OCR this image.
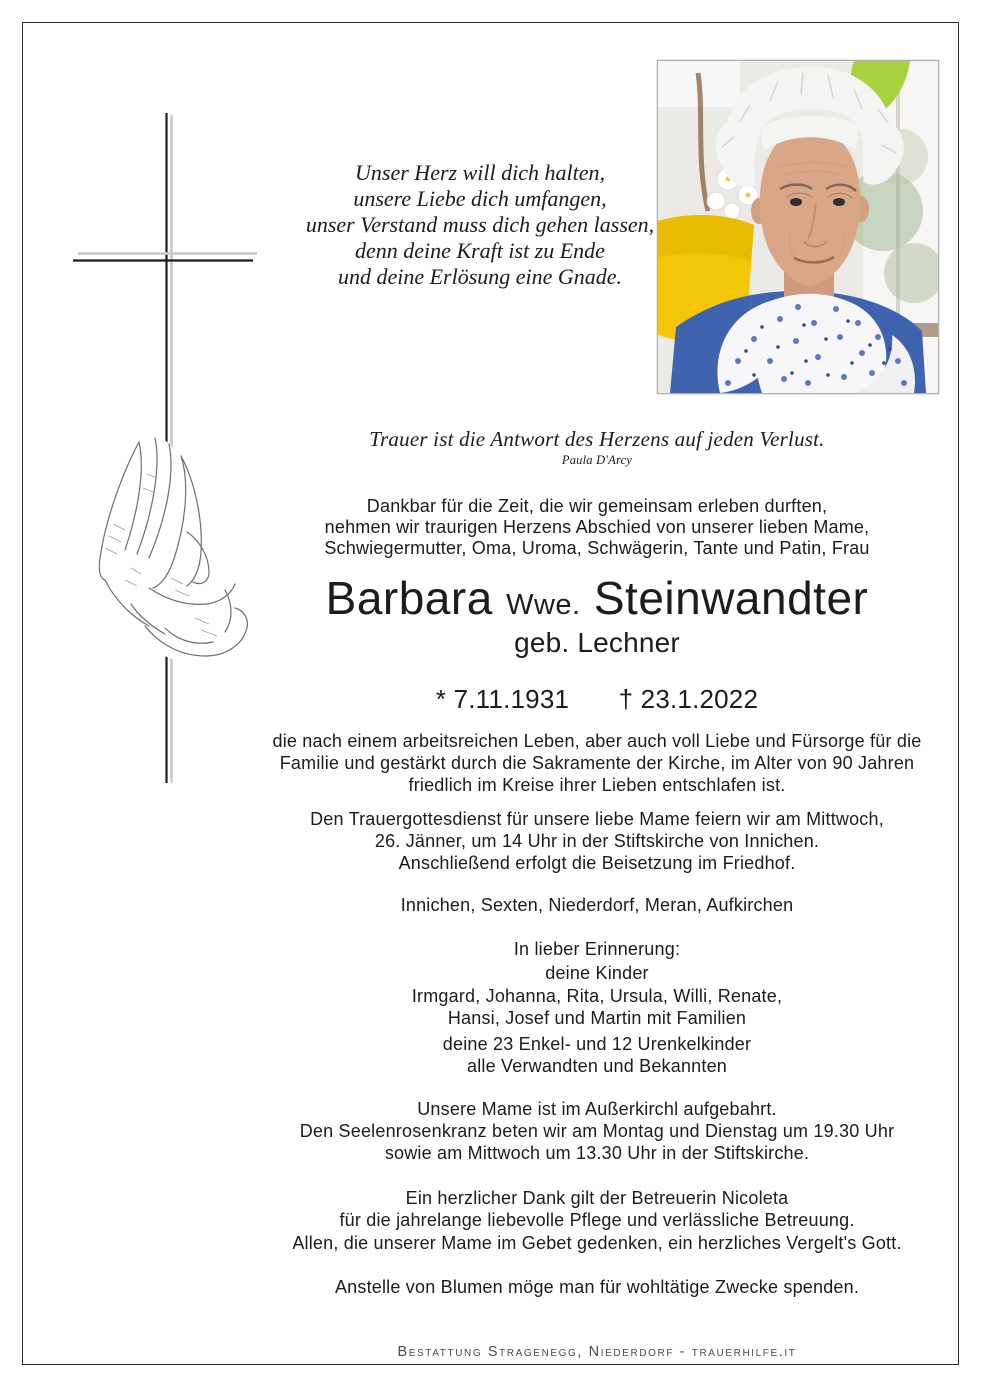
Unser Herz will dich halten,
unsere Liebe dich umfangen,
unser Verstand muss dich gehen lassen,
denn deine Kraft ist zu Ende
und deine Erlösung eine Gnade.
Trauer ist die Antwort des Herzens auf jeden Verlust.
Paula D'Arcy
Dankbar für die Zeit, die wir gemeinsam erleben durften,
nehmen wir traurigen Herzens Abschied von unserer lieben Mame,
Schwiegermutter, Oma, Uroma, Schwägerin, Tante und Patin, Frau
Barbara Wwe. Steinwandter
geb. Lechner
* 7.11.1931 † 23.1.2022
die nach einem arbeitsreichen Leben, aber auch voll Liebe und Fürsorge für die
Familie und gestärkt durch die Sakramente der Kirche, im Alter von 90 Jahren
friedlich im Kreise ihrer Lieben entschlafen ist.
Den Trauergottesdienst für unsere liebe Mame feiern wir am Mittwoch,
26. Jänner, um 14 Uhr in der Stiftskirche von Innichen.
Anschließend erfolgt die Beisetzung im Friedhof.
Innichen, Sexten, Niederdorf, Meran, Aufkirchen
In lieber Erinnerung:
deine Kinder
Irmgard, Johanna, Rita, Ursula, Willi, Renate,
Hansi, Josef und Martin mit Familien
deine 23 Enkel- und 12 Urenkelkinder
alle Verwandten und Bekannten
Unsere Mame ist im Außerkirchl aufgebahrt.
Den Seelenrosenkranz beten wir am Montag und Dienstag um 19.30 Uhr
sowie am Mittwoch um 13.30 Uhr in der Stiftskirche.
Ein herzlicher Dank gilt der Betreuerin Nicoleta
für die jahrelange liebevolle Pflege und verlässliche Betreuung.
Allen, die unserer Mame im Gebet gedenken, ein herzliches Vergelt's Gott.
Anstelle von Blumen möge man für wohltätige Zwecke spenden.
Bestattung Stragenegg, Niederdorf - trauerhilfe.it
